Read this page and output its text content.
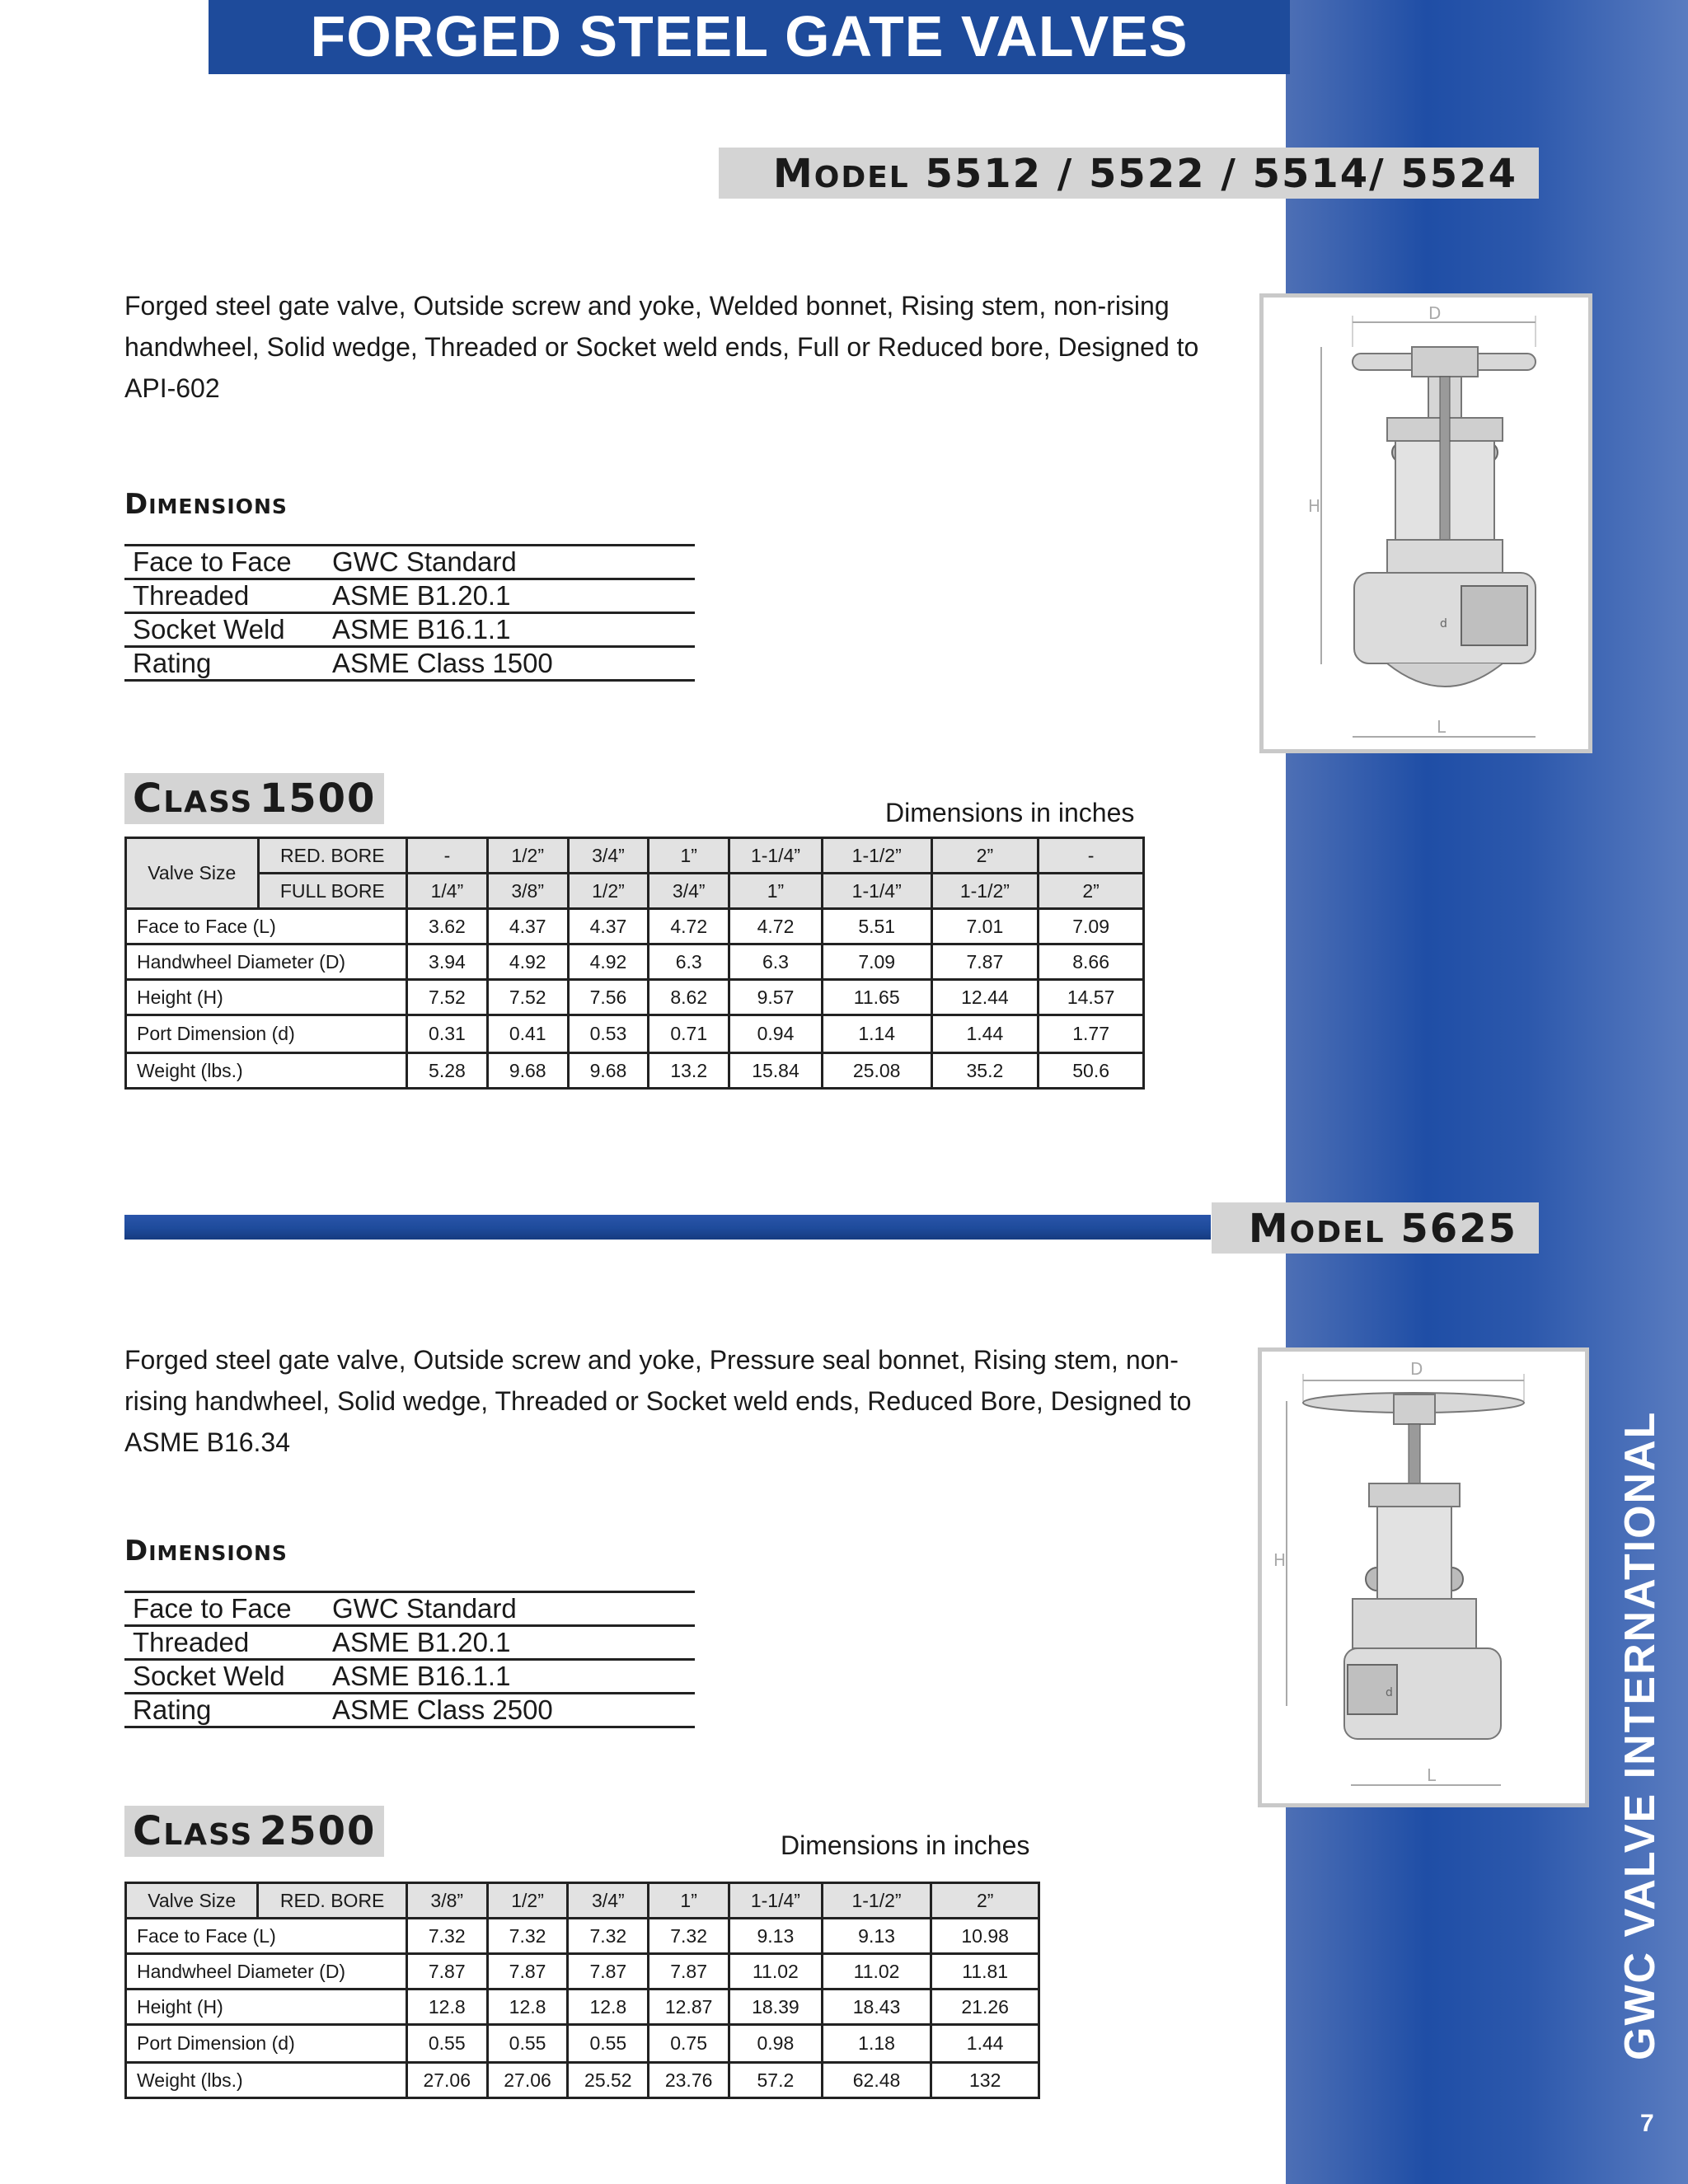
GWC VALVE INTERNATIONAL
7
FORGED STEEL GATE VALVES
MODEL 5512 / 5522 / 5514/ 5524
Forged steel gate valve, Outside screw and yoke, Welded bonnet, Rising stem, non-rising handwheel, Solid wedge, Threaded or Socket weld ends, Full or Reduced bore, Designed to API-602
DIMENSIONS
Face to Face	GWC Standard
Threaded	ASME B1.20.1
Socket Weld	ASME B16.1.1
Rating	ASME Class 1500
CLASS 1500	Dimensions in inches
Valve Size	RED. BORE	-	1/2”	3/4”	1”	1-1/4”	1-1/2”	2”	-
	FULL BORE	1/4”	3/8”	1/2”	3/4”	1”	1-1/4”	1-1/2”	2”
Face to Face (L)		3.62	4.37	4.37	4.72	4.72	5.51	7.01	7.09
Handwheel Diameter (D)		3.94	4.92	4.92	6.3	6.3	7.09	7.87	8.66
Height (H)		7.52	7.52	7.56	8.62	9.57	11.65	12.44	14.57
Port Dimension (d)		0.31	0.41	0.53	0.71	0.94	1.14	1.44	1.77
Weight (lbs.)		5.28	9.68	9.68	13.2	15.84	25.08	35.2	50.6
D
H
L
d
MODEL 5625
Forged steel gate valve, Outside screw and yoke, Pressure seal bonnet, Rising stem, non-rising handwheel, Solid wedge, Threaded or Socket weld ends, Reduced Bore, Designed to ASME B16.34
DIMENSIONS
Face to Face	GWC Standard
Threaded	ASME B1.20.1
Socket Weld	ASME B16.1.1
Rating	ASME Class 2500
CLASS 2500	Dimensions in inches
Valve Size	RED. BORE	3/8”	1/2”	3/4”	1”	1-1/4”	1-1/2”	2”
Face to Face (L)		7.32	7.32	7.32	7.32	9.13	9.13	10.98
Handwheel Diameter (D)		7.87	7.87	7.87	7.87	11.02	11.02	11.81
Height (H)		12.8	12.8	12.8	12.87	18.39	18.43	21.26
Port Dimension (d)		0.55	0.55	0.55	0.75	0.98	1.18	1.44
Weight (lbs.)		27.06	27.06	25.52	23.76	57.2	62.48	132
D
H
L
d
